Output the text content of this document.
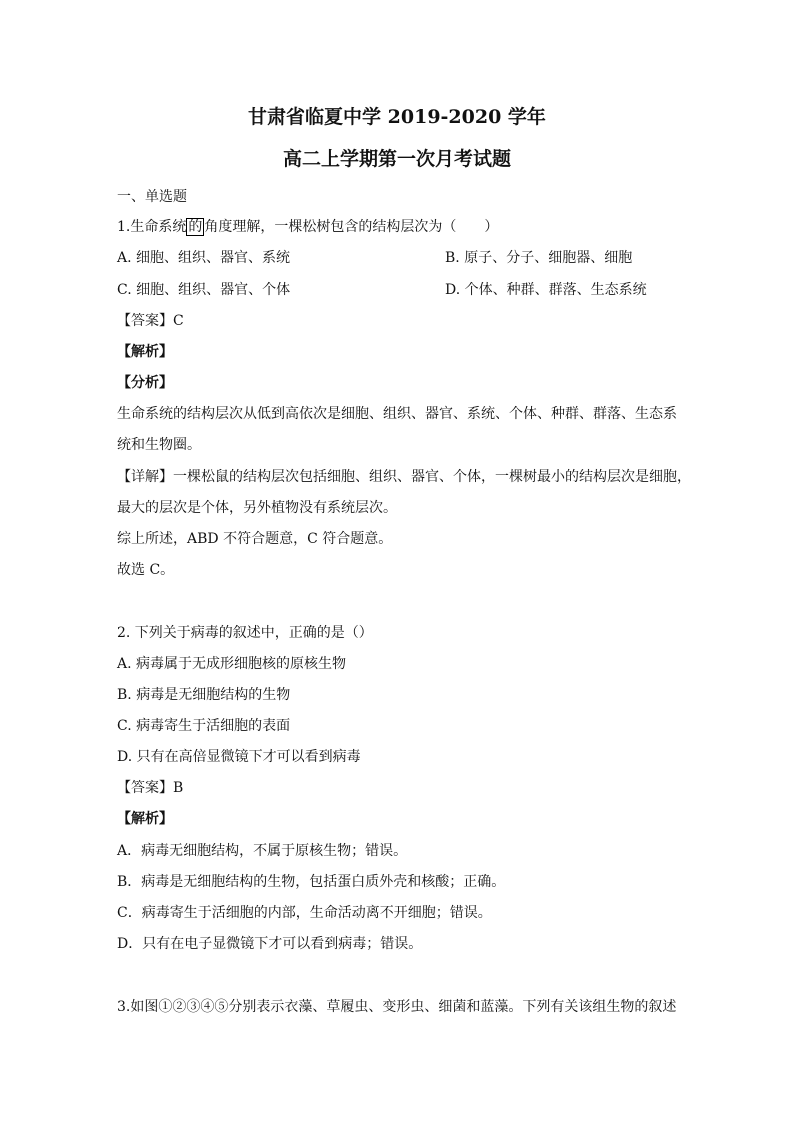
甘肃省临夏中学 2019-2020 学年
高二上学期第一次月考试题
一、单选题
1.生命系统 的 角度理解，一棵松树包含的结构层次为（　　）
A. 细胞、组织、器官、系统	B. 原子、分子、细胞器、细胞
C. 细胞、组织、器官、个体	D. 个体、种群、群落、生态系统
【答案】C
【解析】
【分析】
生命系统的结构层次从低到高依次是细胞、组织、器官、系统、个体、种群、群落、生态系
统和生物圈。
【详解】一棵松鼠的结构层次包括细胞、组织、器官、个体，一棵树最小的结构层次是细胞，
最大的层次是个体，另外植物没有系统层次。
综上所述，ABD 不符合题意，C 符合题意。
故选 C。
2. 下列关于病毒的叙述中，正确的是（）
A. 病毒属于无成形细胞核的原核生物
B. 病毒是无细胞结构的生物
C. 病毒寄生于活细胞的表面
D. 只有在高倍显微镜下才可以看到病毒
【答案】B
【解析】
A．病毒无细胞结构，不属于原核生物；错误。
B．病毒是无细胞结构的生物，包括蛋白质外壳和核酸；正确。
C．病毒寄生于活细胞的内部，生命活动离不开细胞；错误。
D．只有在电子显微镜下才可以看到病毒；错误。
3.如图①②③④⑤分别表示衣藻、草履虫、变形虫、细菌和蓝藻。下列有关该组生物的叙述
